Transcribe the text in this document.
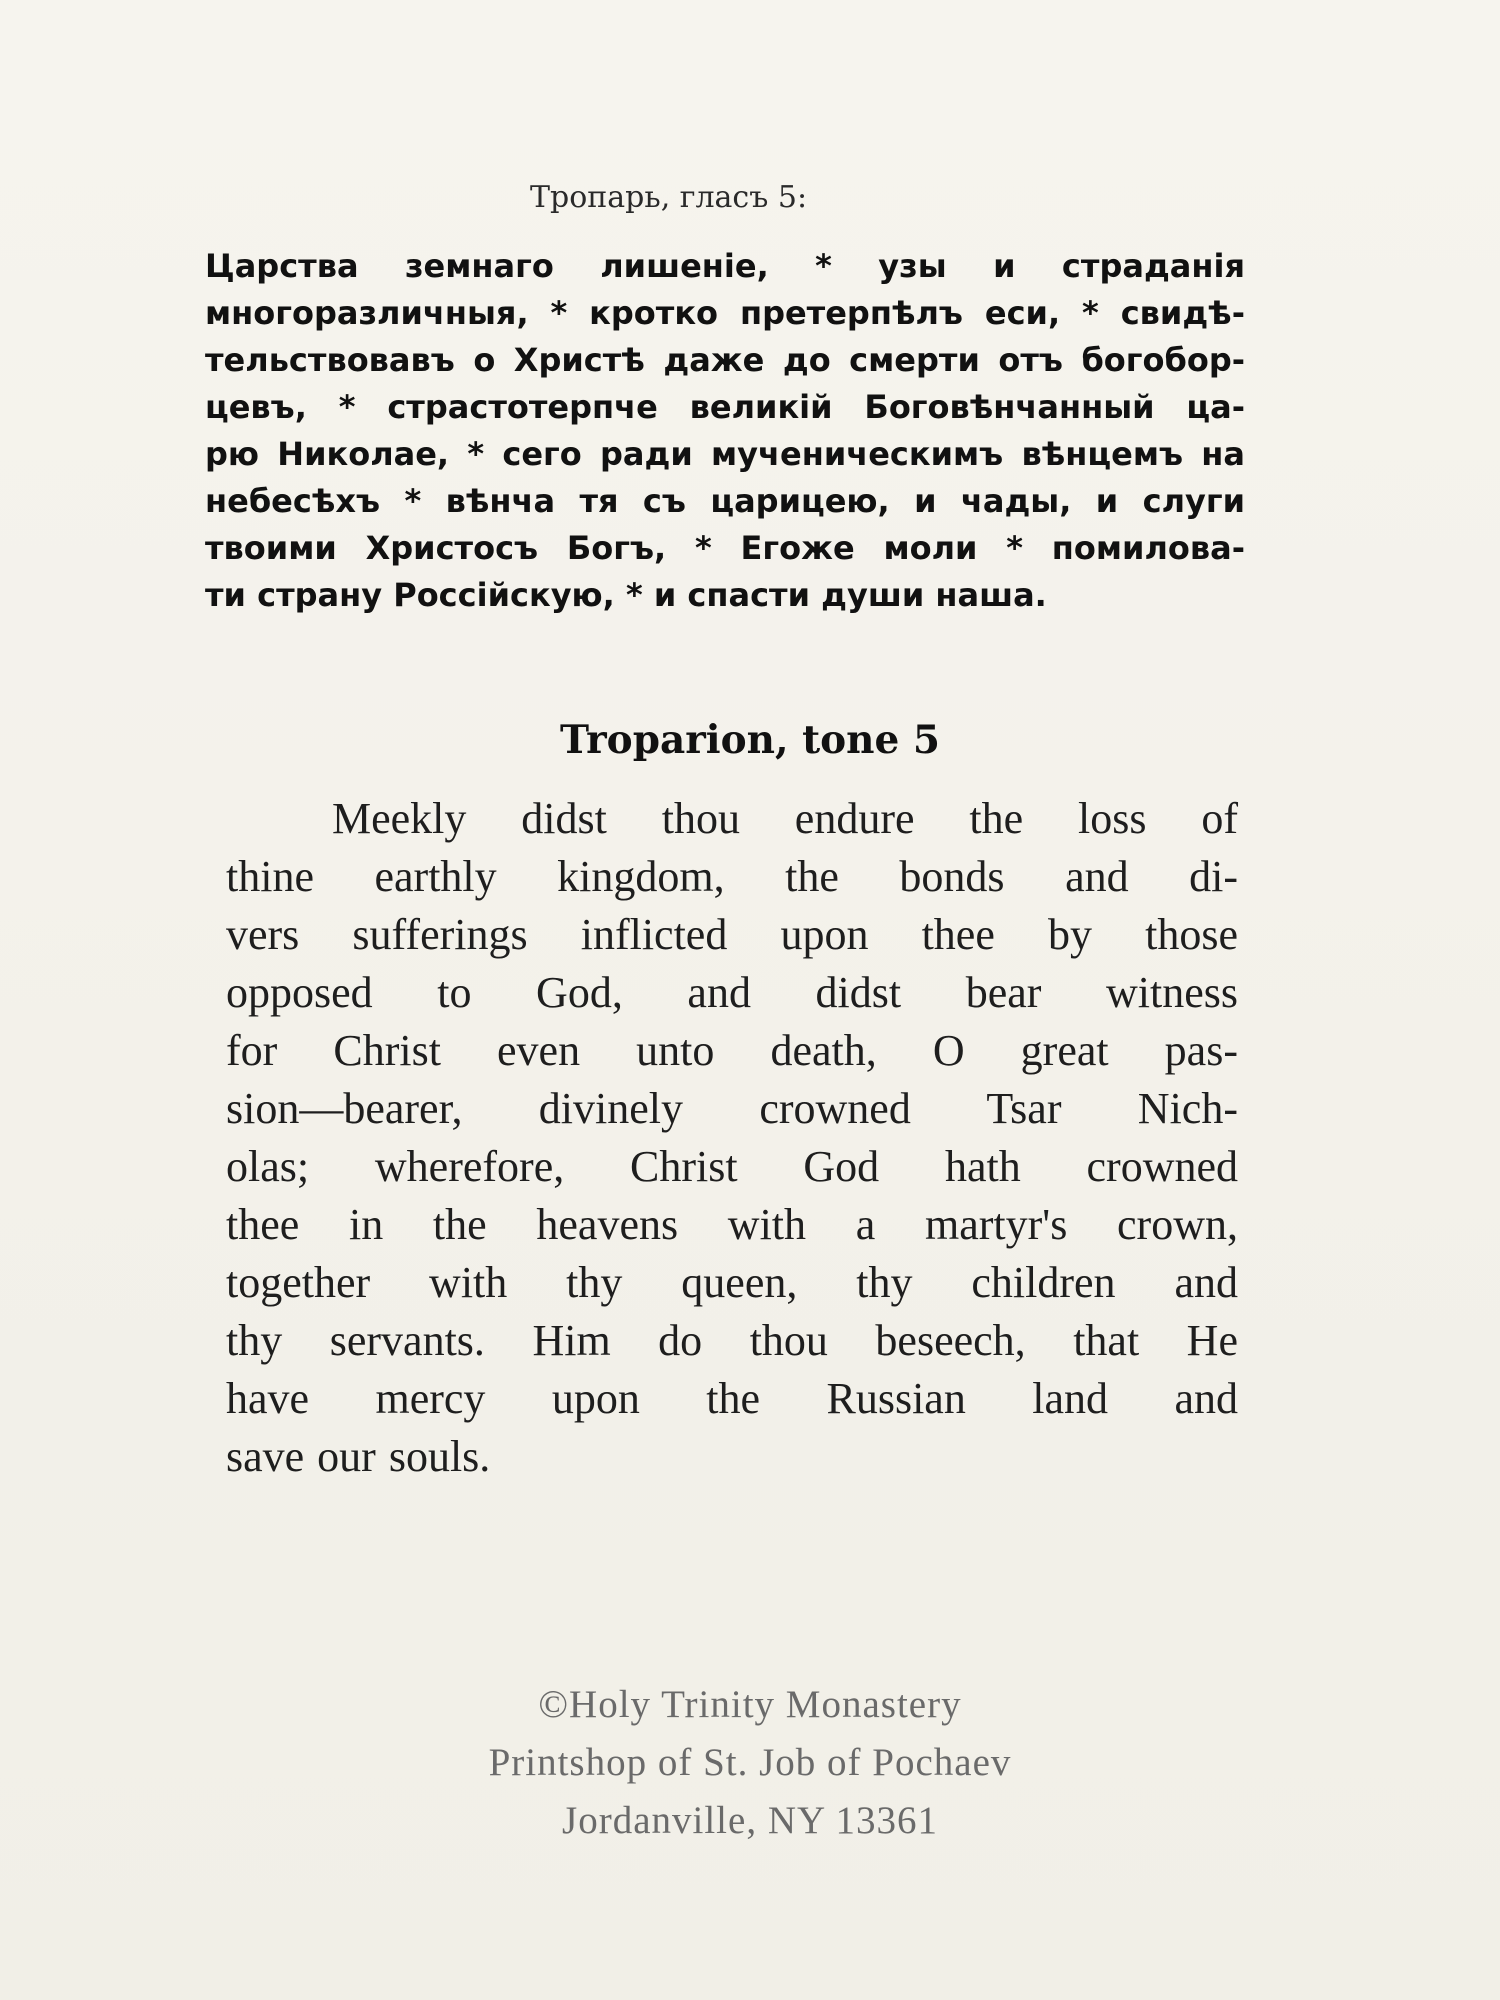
Тропарь, гласъ 5:
Царства земнаго лишеніе, * узы и страданія
многоразличныя, * кротко претерпѣлъ еси, * свидѣ-
тельствовавъ о Христѣ даже до смерти отъ богобор-
цевъ, * страстотерпче великій Боговѣнчанный ца-
рю Николае, * сего ради мученическимъ вѣнцемъ на
небесѣхъ * вѣнча тя съ царицею, и чады, и слуги
твоими Христосъ Богъ, * Егоже моли * помилова-
ти страну Россійскую, * и спасти души наша.
Troparion, tone 5
Meekly didst thou endure the loss of
thine earthly kingdom, the bonds and di-
vers sufferings inflicted upon thee by those
opposed to God, and didst bear witness
for Christ even unto death, O great pas-
sion—bearer, divinely crowned Tsar Nich-
olas; wherefore, Christ God hath crowned
thee in the heavens with a martyr's crown,
together with thy queen, thy children and
thy servants. Him do thou beseech, that He
have mercy upon the Russian land and
save our souls.
©Holy Trinity Monastery
Printshop of St. Job of Pochaev
Jordanville, NY 13361
